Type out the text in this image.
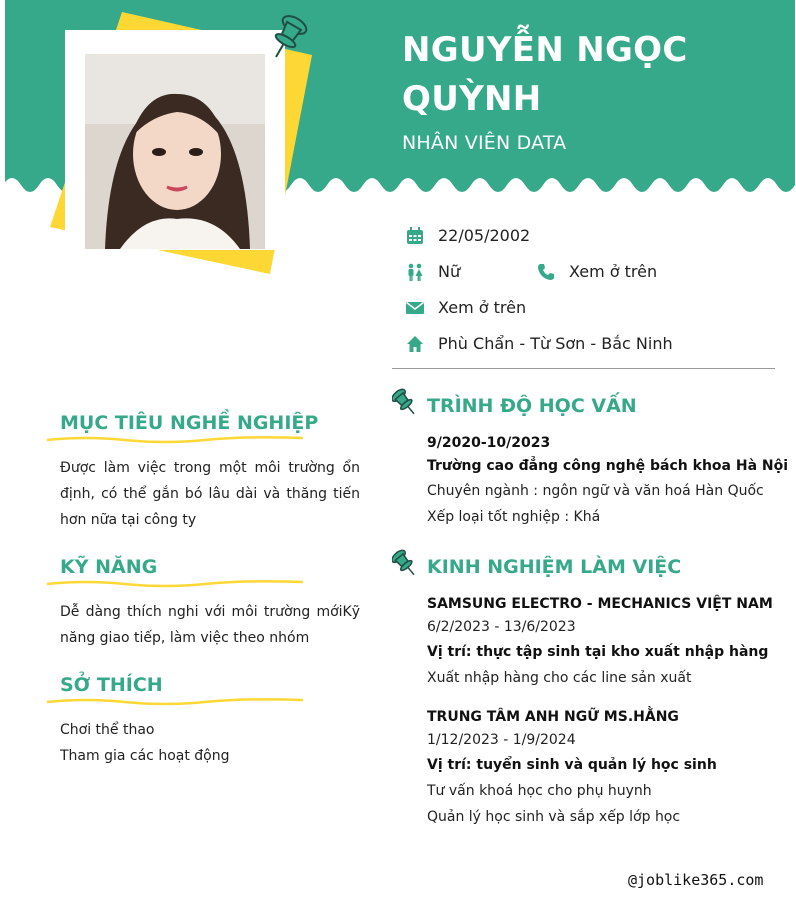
NGUYỄN NGỌC QUỲNH
NHÂN VIÊN DATA
22/05/2002
Nữ	Xem ở trên
Xem ở trên
Phù Chẩn - Từ Sơn - Bắc Ninh
MỤC TIÊU NGHỀ NGHIỆP
Được làm việc trong một môi trường ổn định, có thể gắn bó lâu dài và thăng tiến hơn nữa tại công ty
KỸ NĂNG
Dễ dàng thích nghi với môi trường mớiKỹ năng giao tiếp, làm việc theo nhóm
SỞ THÍCH
Chơi thể thao
Tham gia các hoạt động
TRÌNH ĐỘ HỌC VẤN
9/2020-10/2023
Trường cao đẳng công nghệ bách khoa Hà Nội
Chuyên ngành : ngôn ngữ và văn hoá Hàn Quốc
Xếp loại tốt nghiệp : Khá
KINH NGHIỆM LÀM VIỆC
SAMSUNG ELECTRO - MECHANICS VIỆT NAM
6/2/2023 - 13/6/2023
Vị trí: thực tập sinh tại kho xuất nhập hàng
Xuất nhập hàng cho các line sản xuất
TRUNG TÂM ANH NGỮ MS.HẰNG
1/12/2023 - 1/9/2024
Vị trí: tuyển sinh và quản lý học sinh
Tư vấn khoá học cho phụ huynh
Quản lý học sinh và sắp xếp lớp học
@joblike365.com
